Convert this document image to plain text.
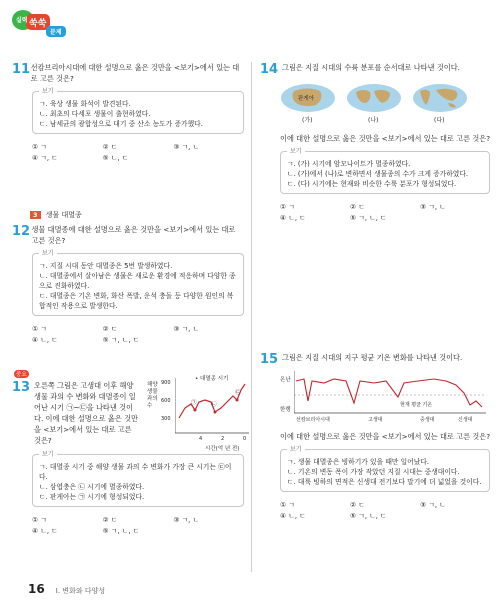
실력 쑥쑥
문제
11 선캄브리아시대에 대한 설명으로 옳은 것만을 <보기>에서 있는 대로 고른 것은?
보기
ㄱ. 육상 생물 화석이 발견된다.
ㄴ. 최초의 다세포 생물이 출현하였다.
ㄷ. 남세균의 광합성으로 대기 중 산소 농도가 증가했다.
① ㄱ	② ㄷ	③ ㄱ, ㄴ
④ ㄱ, ㄷ	⑤ ㄴ, ㄷ
3 생물 대멸종
12 생물 대멸종에 대한 설명으로 옳은 것만을 <보기>에서 있는 대로 고른 것은?
보기
ㄱ. 지질 시대 동안 대멸종은 5번 발생하였다.
ㄴ. 대멸종에서 살아남은 생물은 새로운 환경에 적응하며 다양한 종으로 진화하였다.
ㄷ. 대멸종은 기온 변화, 화산 폭발, 운석 충돌 등 다양한 원인의 복합적인 작용으로 발생한다.
① ㄱ	② ㄷ	③ ㄱ, ㄴ
④ ㄴ, ㄷ	⑤ ㄱ, ㄴ, ㄷ
중요
13 오른쪽 그림은 고생대 이후 해양 생물 과의 수 변화와 대멸종이 일어난 시기 ㉠~㉢을 나타낸 것이다. 이에 대한 설명으로 옳은 것만을 <보기>에서 있는 대로 고른 것은?
해양 생물 과의 수
900
600
300
• 대멸종 시기
㉠	㉡
㉢
4	2	0
시간(억 년 전)
보기
ㄱ. 대멸종 시기 중 해양 생물 과의 수 변화가 가장 큰 시기는 ㉢이다.
ㄴ. 삼엽충은 ㉡ 시기에 멸종하였다.
ㄷ. 판게아는 ㉠ 시기에 형성되었다.
① ㄱ	② ㄷ	③ ㄱ, ㄴ
④ ㄴ, ㄷ	⑤ ㄱ, ㄴ, ㄷ
14 그림은 지질 시대의 수륙 분포를 순서대로 나타낸 것이다.
판게아
(가)	(나)	(다)
이에 대한 설명으로 옳은 것만을 <보기>에서 있는 대로 고른 것은?
보기
ㄱ. (가) 시기에 암모나이트가 멸종하였다.
ㄴ. (가)에서 (나)로 변하면서 생물종의 수가 크게 증가하였다.
ㄷ. (다) 시기에는 현재와 비슷한 수륙 분포가 형성되었다.
① ㄱ	② ㄷ	③ ㄱ, ㄴ
④ ㄴ, ㄷ	⑤ ㄱ, ㄴ, ㄷ
15 그림은 지질 시대의 지구 평균 기온 변화를 나타낸 것이다.
온난
한랭
현재 평균 기온
선캄브리아시대	고생대	중생대	신생대
이에 대한 설명으로 옳은 것만을 <보기>에서 있는 대로 고른 것은?
보기
ㄱ. 생물 대멸종은 빙하기가 있을 때만 일어났다.
ㄴ. 기온의 변동 폭이 가장 작았던 지질 시대는 중생대이다.
ㄷ. 대륙 빙하의 면적은 신생대 전기보다 말기에 더 넓었을 것이다.
① ㄱ	② ㄷ	③ ㄱ, ㄴ
④ ㄴ, ㄷ	⑤ ㄱ, ㄴ, ㄷ
16 Ⅰ. 변화와 다양성
